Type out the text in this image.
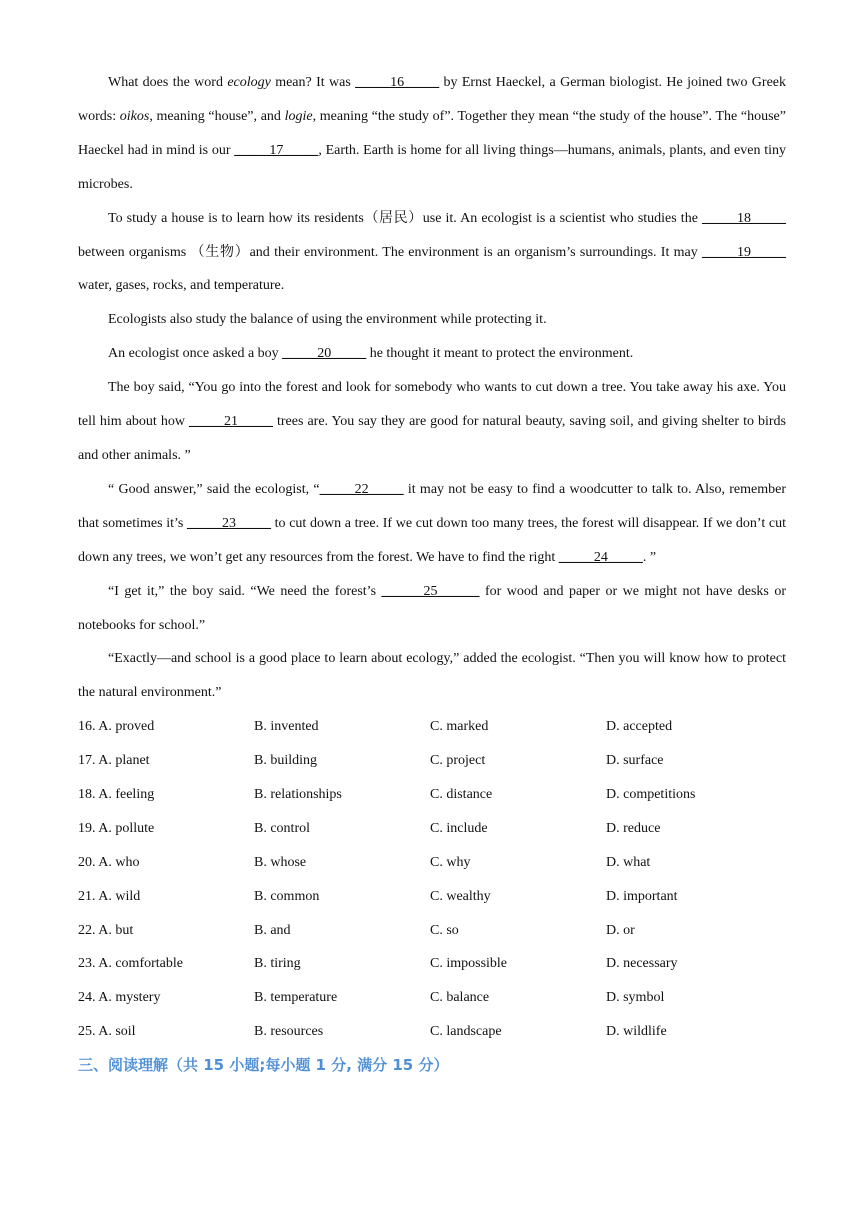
What does the word ecology mean? It was _____16_____ by Ernst Haeckel, a German biologist. He joined two Greek words: oikos, meaning “house”, and logie, meaning “the study of”. Together they mean “the study of the house”. The “house” Haeckel had in mind is our _____17_____, Earth. Earth is home for all living things—humans, animals, plants, and even tiny microbes.

To study a house is to learn how its residents（居民）use it. An ecologist is a scientist who studies the _____18_____ between organisms （生物）and their environment. The environment is an organism’s surroundings. It may _____19_____ water, gases, rocks, and temperature.

Ecologists also study the balance of using the environment while protecting it.

An ecologist once asked a boy _____20_____ he thought it meant to protect the environment.

The boy said, “You go into the forest and look for somebody who wants to cut down a tree. You take away his axe. You tell him about how _____21_____ trees are. You say they are good for natural beauty, saving soil, and giving shelter to birds and other animals. ”

“ Good answer,” said the ecologist, “_____22_____ it may not be easy to find a woodcutter to talk to. Also, remember that sometimes it’s _____23_____ to cut down a tree. If we cut down too many trees, the forest will disappear. If we don’t cut down any trees, we won’t get any resources from the forest. We have to find the right _____24_____. ”

“I get it,” the boy said. “We need the forest’s ______25______ for wood and paper or we might not have desks or notebooks for school.”

“Exactly—and school is a good place to learn about ecology,” added the ecologist. “Then you will know how to protect the natural environment.”

16. A. proved	B. invented	C. marked	D. accepted
17. A. planet	B. building	C. project	D. surface
18. A. feeling	B. relationships	C. distance	D. competitions
19. A. pollute	B. control	C. include	D. reduce
20. A. who	B. whose	C. why	D. what
21. A. wild	B. common	C. wealthy	D. important
22. A. but	B. and	C. so	D. or
23. A. comfortable	B. tiring	C. impossible	D. necessary
24. A. mystery	B. temperature	C. balance	D. symbol
25. A. soil	B. resources	C. landscape	D. wildlife

三、阅读理解（共 15 小题;每小题 1 分, 满分 15 分）
